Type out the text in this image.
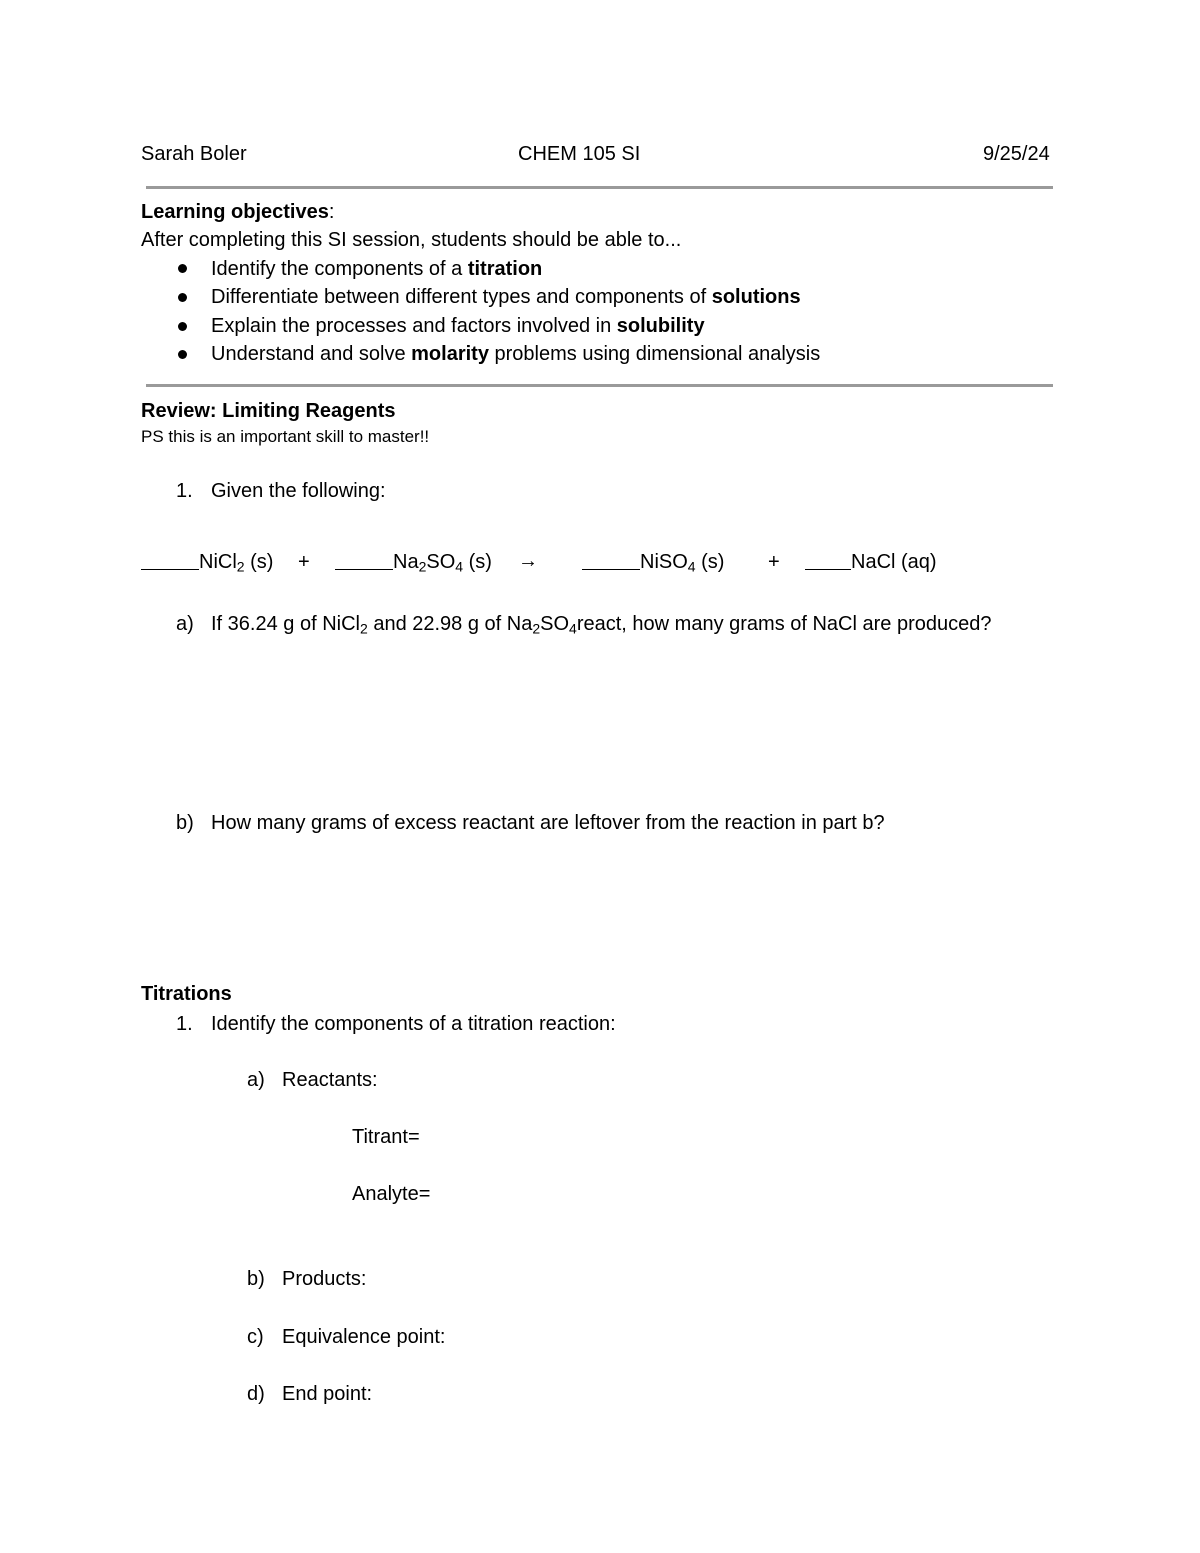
Sarah Boler	CHEM 105 SI	9/25/24
Learning objectives:
After completing this SI session, students should be able to...
Identify the components of a titration
Differentiate between different types and components of solutions
Explain the processes and factors involved in solubility
Understand and solve molarity problems using dimensional analysis
Review: Limiting Reagents
PS this is an important skill to master!!
1. Given the following:
NiCl$_2$ (s) +	$Na_2SO_4$ (s) →	NiSO$_4$ (s) +	NaCl (aq)
a) If 36.24 g of NiCl$_2$ and 22.98 g of $Na_2SO_4react$, how many grams of NaCl are produced?
b) How many grams of excess reactant are leftover from the reaction in part b?
Titrations
1. Identify the components of a titration reaction:
a) Reactants:
Titrant=
Analyte=
b) Products:
c) Equivalence point:
d) End point:
